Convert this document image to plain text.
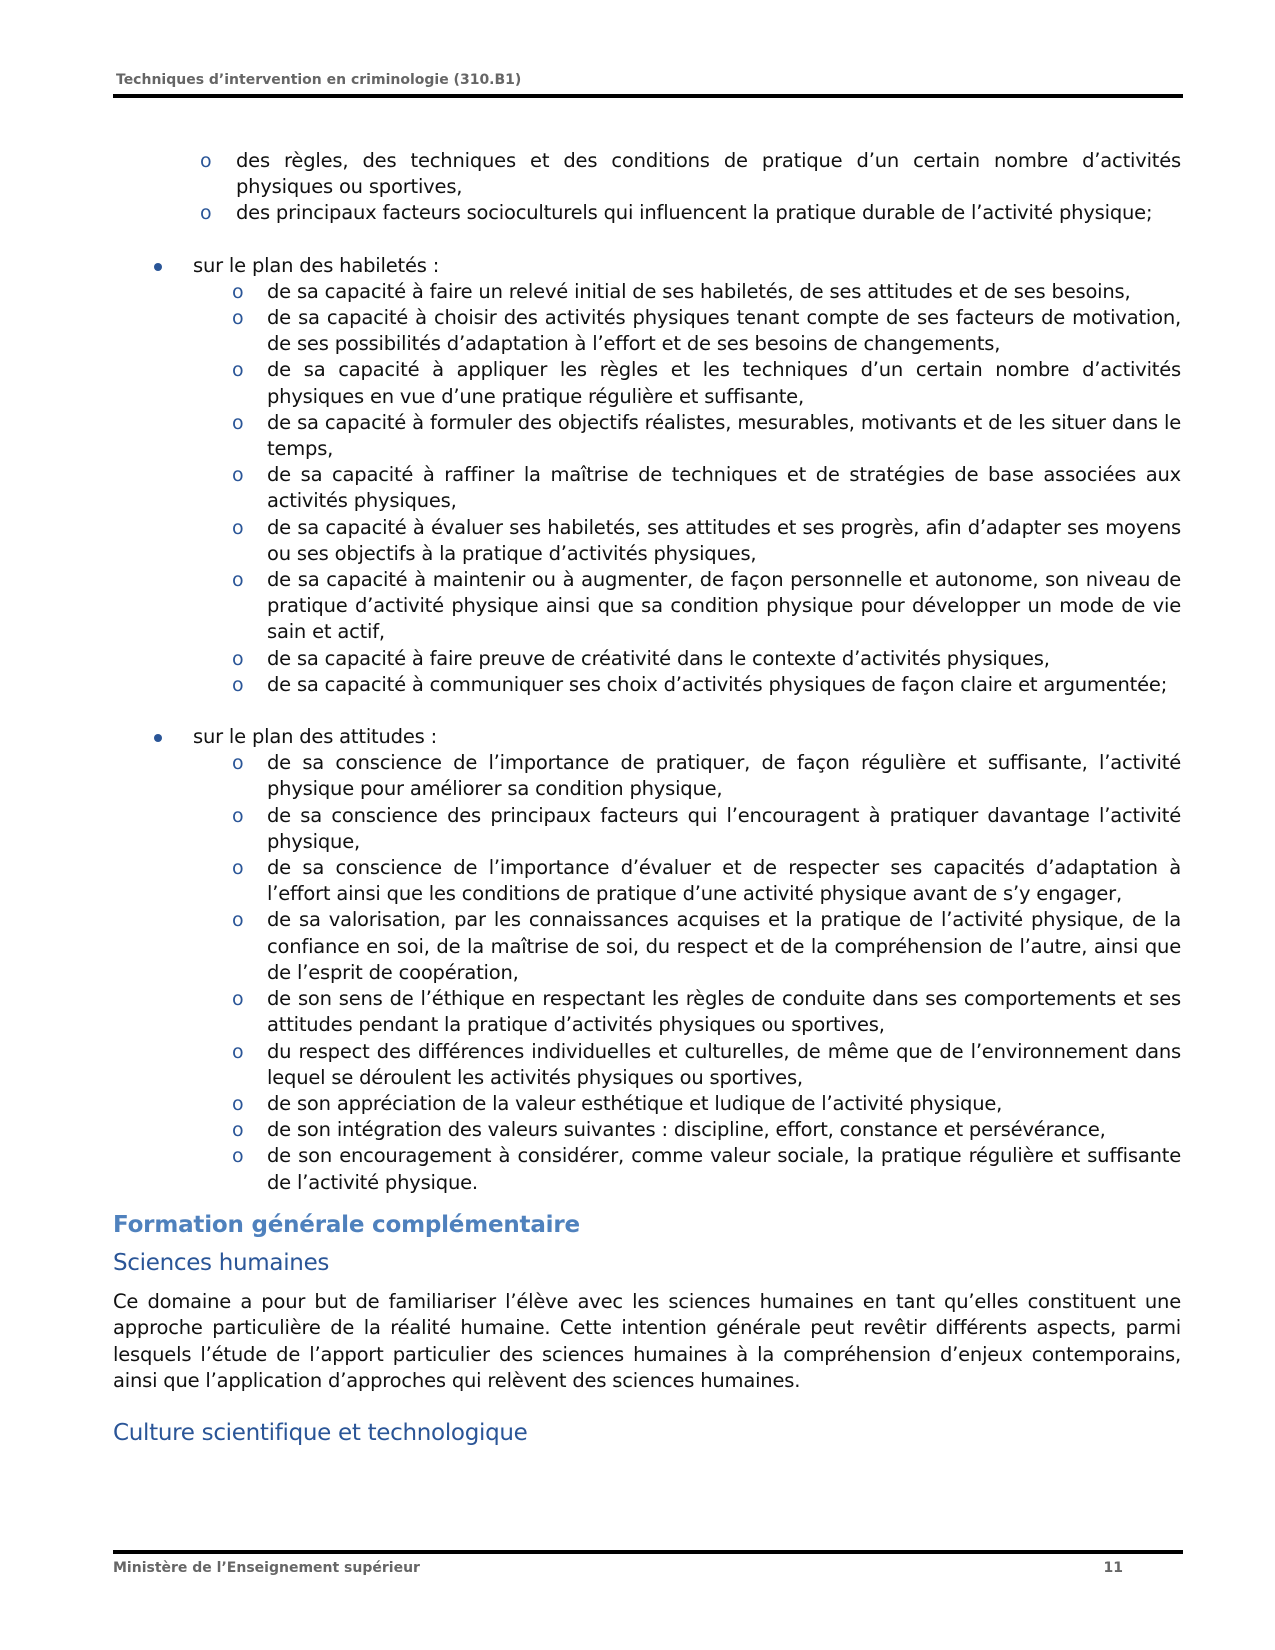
Techniques d’intervention en criminologie (310.B1)
o des règles, des techniques et des conditions de pratique d’un certain nombre d’activités physiques ou sportives,
o des principaux facteurs socioculturels qui influencent la pratique durable de l’activité physique;
sur le plan des habiletés :
o de sa capacité à faire un relevé initial de ses habiletés, de ses attitudes et de ses besoins,
o de sa capacité à choisir des activités physiques tenant compte de ses facteurs de motivation, de ses possibilités d’adaptation à l’effort et de ses besoins de changements,
o de sa capacité à appliquer les règles et les techniques d’un certain nombre d’activités physiques en vue d’une pratique régulière et suffisante,
o de sa capacité à formuler des objectifs réalistes, mesurables, motivants et de les situer dans le temps,
o de sa capacité à raffiner la maîtrise de techniques et de stratégies de base associées aux activités physiques,
o de sa capacité à évaluer ses habiletés, ses attitudes et ses progrès, afin d’adapter ses moyens ou ses objectifs à la pratique d’activités physiques,
o de sa capacité à maintenir ou à augmenter, de façon personnelle et autonome, son niveau de pratique d’activité physique ainsi que sa condition physique pour développer un mode de vie sain et actif,
o de sa capacité à faire preuve de créativité dans le contexte d’activités physiques,
o de sa capacité à communiquer ses choix d’activités physiques de façon claire et argumentée;
sur le plan des attitudes :
o de sa conscience de l’importance de pratiquer, de façon régulière et suffisante, l’activité physique pour améliorer sa condition physique,
o de sa conscience des principaux facteurs qui l’encouragent à pratiquer davantage l’activité physique,
o de sa conscience de l’importance d’évaluer et de respecter ses capacités d’adaptation à l’effort ainsi que les conditions de pratique d’une activité physique avant de s’y engager,
o de sa valorisation, par les connaissances acquises et la pratique de l’activité physique, de la confiance en soi, de la maîtrise de soi, du respect et de la compréhension de l’autre, ainsi que de l’esprit de coopération,
o de son sens de l’éthique en respectant les règles de conduite dans ses comportements et ses attitudes pendant la pratique d’activités physiques ou sportives,
o du respect des différences individuelles et culturelles, de même que de l’environnement dans lequel se déroulent les activités physiques ou sportives,
o de son appréciation de la valeur esthétique et ludique de l’activité physique,
o de son intégration des valeurs suivantes : discipline, effort, constance et persévérance,
o de son encouragement à considérer, comme valeur sociale, la pratique régulière et suffisante de l’activité physique.
Formation générale complémentaire
Sciences humaines
Ce domaine a pour but de familiariser l’élève avec les sciences humaines en tant qu’elles constituent une approche particulière de la réalité humaine. Cette intention générale peut revêtir différents aspects, parmi lesquels l’étude de l’apport particulier des sciences humaines à la compréhension d’enjeux contemporains, ainsi que l’application d’approches qui relèvent des sciences humaines.
Culture scientifique et technologique
Ministère de l’Enseignement supérieur	11
